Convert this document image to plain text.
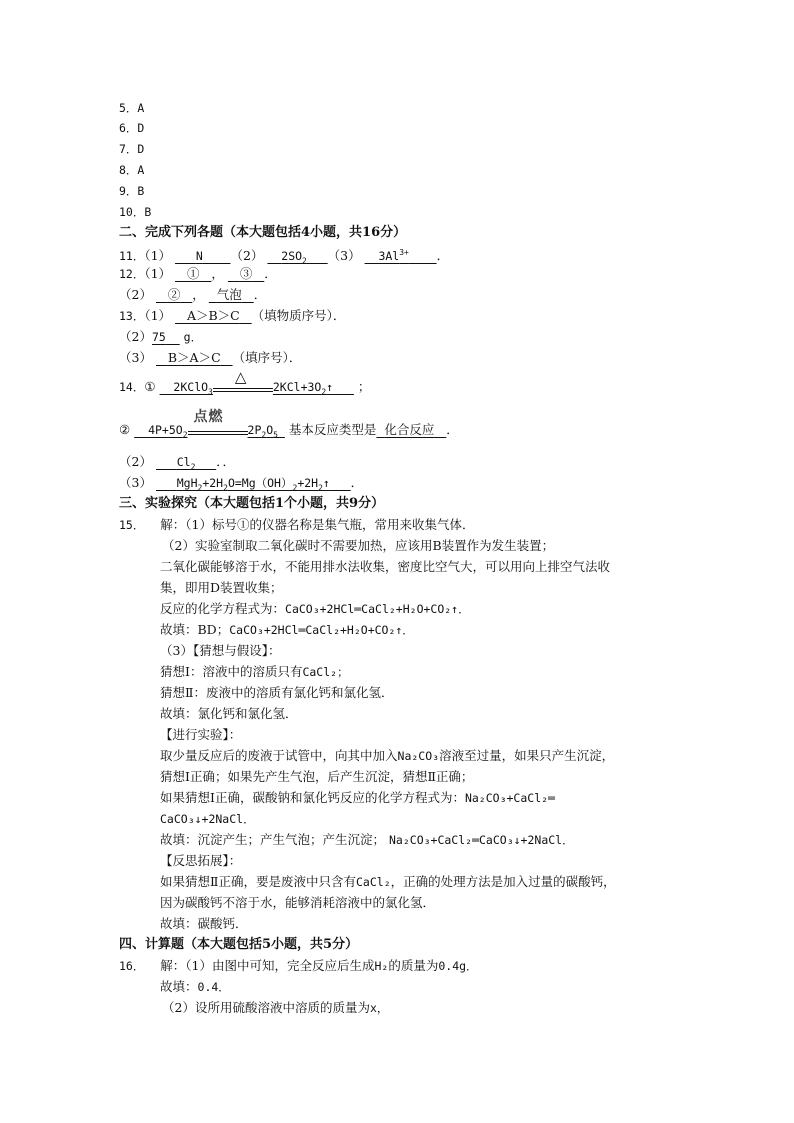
5．A
6．D
7．D
8．A
9．B
10．B
二、完成下列各题（本大题包括4小题，共16分）
11．（1） N （2） $2SO_2$ （3） $3Al^{3+}$ ．
12．（1） ① ， ③ ．
（2） ② ， 气泡 ．
13．（1） A＞B＞C （填物质序号）．
（2）75 g．
（3） B＞A＞C （填序号）．
14．① 2KClO$_3$
△
$2KCl+3O_2↑$ ；
② $4P+5O_2$
点燃
$2P_2O_5$ 基本反应类型是 化合反应 ．
（2） $Cl_2$ ．．
（3） $MgH_2+2H_2O=Mg(OH)_2+2H_2↑$ ．
三、实验探究（本大题包括1个小题，共9分）
15． 解：（1）标号①的仪器名称是集气瓶，常用来收集气体．
（2）实验室制取二氧化碳时不需要加热，应该用B装置作为发生装置；
二氧化碳能够溶于水，不能用排水法收集，密度比空气大，可以用向上排空气法收
集，即用D装置收集；
反应的化学方程式为：CaCO₃+2HCl═CaCl₂+H₂O+CO₂↑．
故填：BD；CaCO₃+2HCl═CaCl₂+H₂O+CO₂↑．
（3）【猜想与假设】：
猜想Ⅰ：溶液中的溶质只有CaCl₂；
猜想Ⅱ：废液中的溶质有氯化钙和氯化氢．
故填：氯化钙和氯化氢．
【进行实验】：
取少量反应后的废液于试管中，向其中加入Na₂CO₃溶液至过量，如果只产生沉淀，
猜想Ⅰ正确；如果先产生气泡，后产生沉淀，猜想Ⅱ正确；
如果猜想Ⅰ正确，碳酸钠和氯化钙反应的化学方程式为：Na₂CO₃+CaCl₂═
CaCO₃↓+2NaCl．
故填：沉淀产生；产生气泡；产生沉淀； Na₂CO₃+CaCl₂═CaCO₃↓+2NaCl．
【反思拓展】：
如果猜想Ⅱ正确，要是废液中只含有CaCl₂，正确的处理方法是加入过量的碳酸钙，
因为碳酸钙不溶于水，能够消耗溶液中的氯化氢．
故填：碳酸钙．
四、计算题（本大题包括5小题，共5分）
16． 解：（1）由图中可知，完全反应后生成H₂的质量为0.4g．
故填：0.4．
（2）设所用硫酸溶液中溶质的质量为x，
